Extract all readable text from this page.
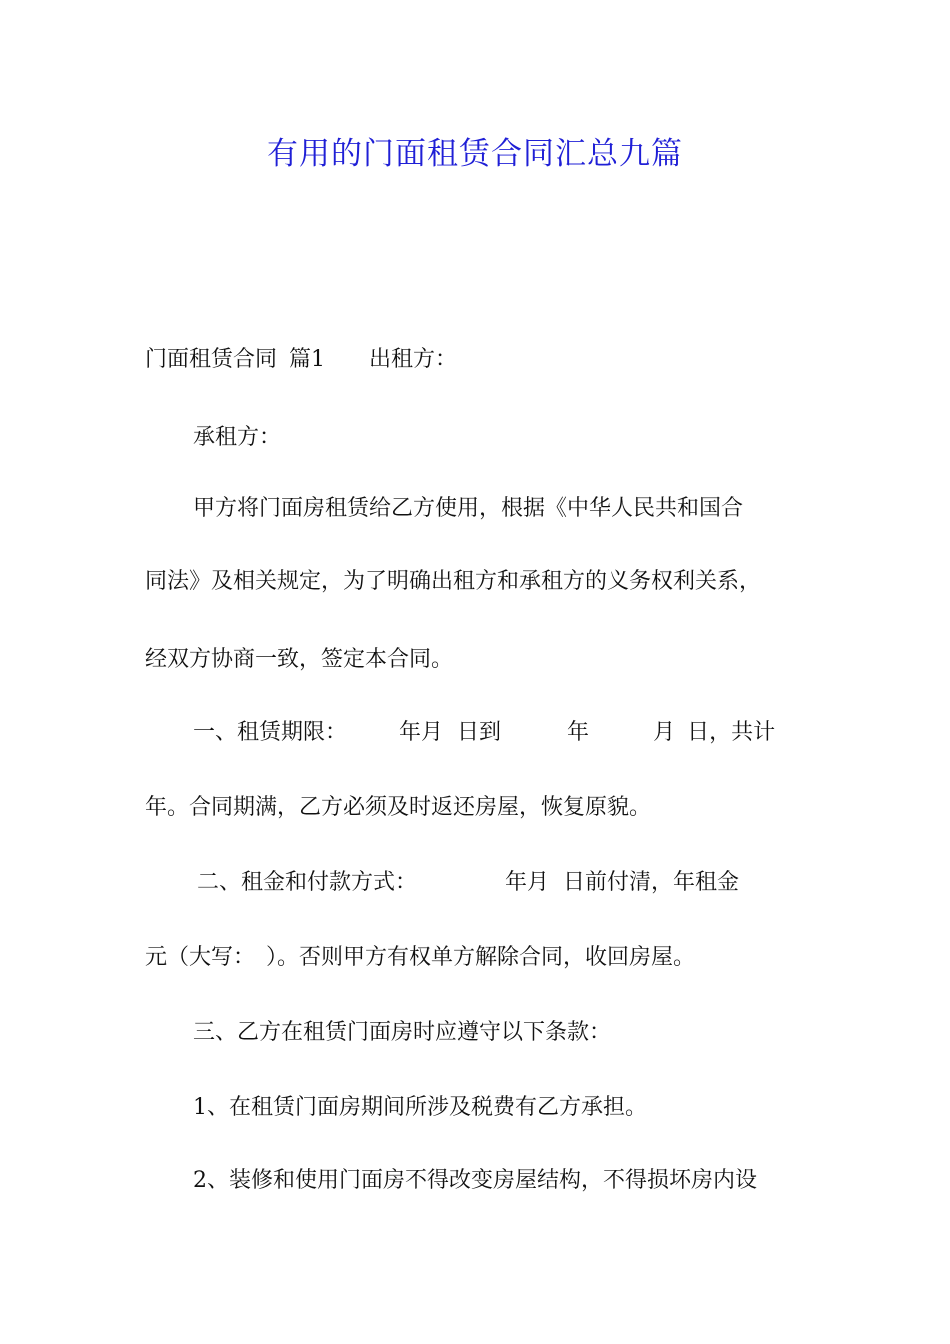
有用的门面租赁合同汇总九篇
门面租赁合同 篇1 出租方：
承租方：
甲方将门面房租赁给乙方使用，根据《中华人民共和国合
同法》及相关规定，为了明确出租方和承租方的义务权利关系，
经双方协商一致，签定本合同。
一、租赁期限： 年月 日到	年	月 日，共计
年。合同期满，乙方必须及时返还房屋，恢复原貌。
二、租金和付款方式：	年月 日前付清，年租金
元（大写：　）。否则甲方有权单方解除合同，收回房屋。
三、乙方在租赁门面房时应遵守以下条款：
1、在租赁门面房期间所涉及税费有乙方承担。
2、装修和使用门面房不得改变房屋结构，不得损坏房内设
